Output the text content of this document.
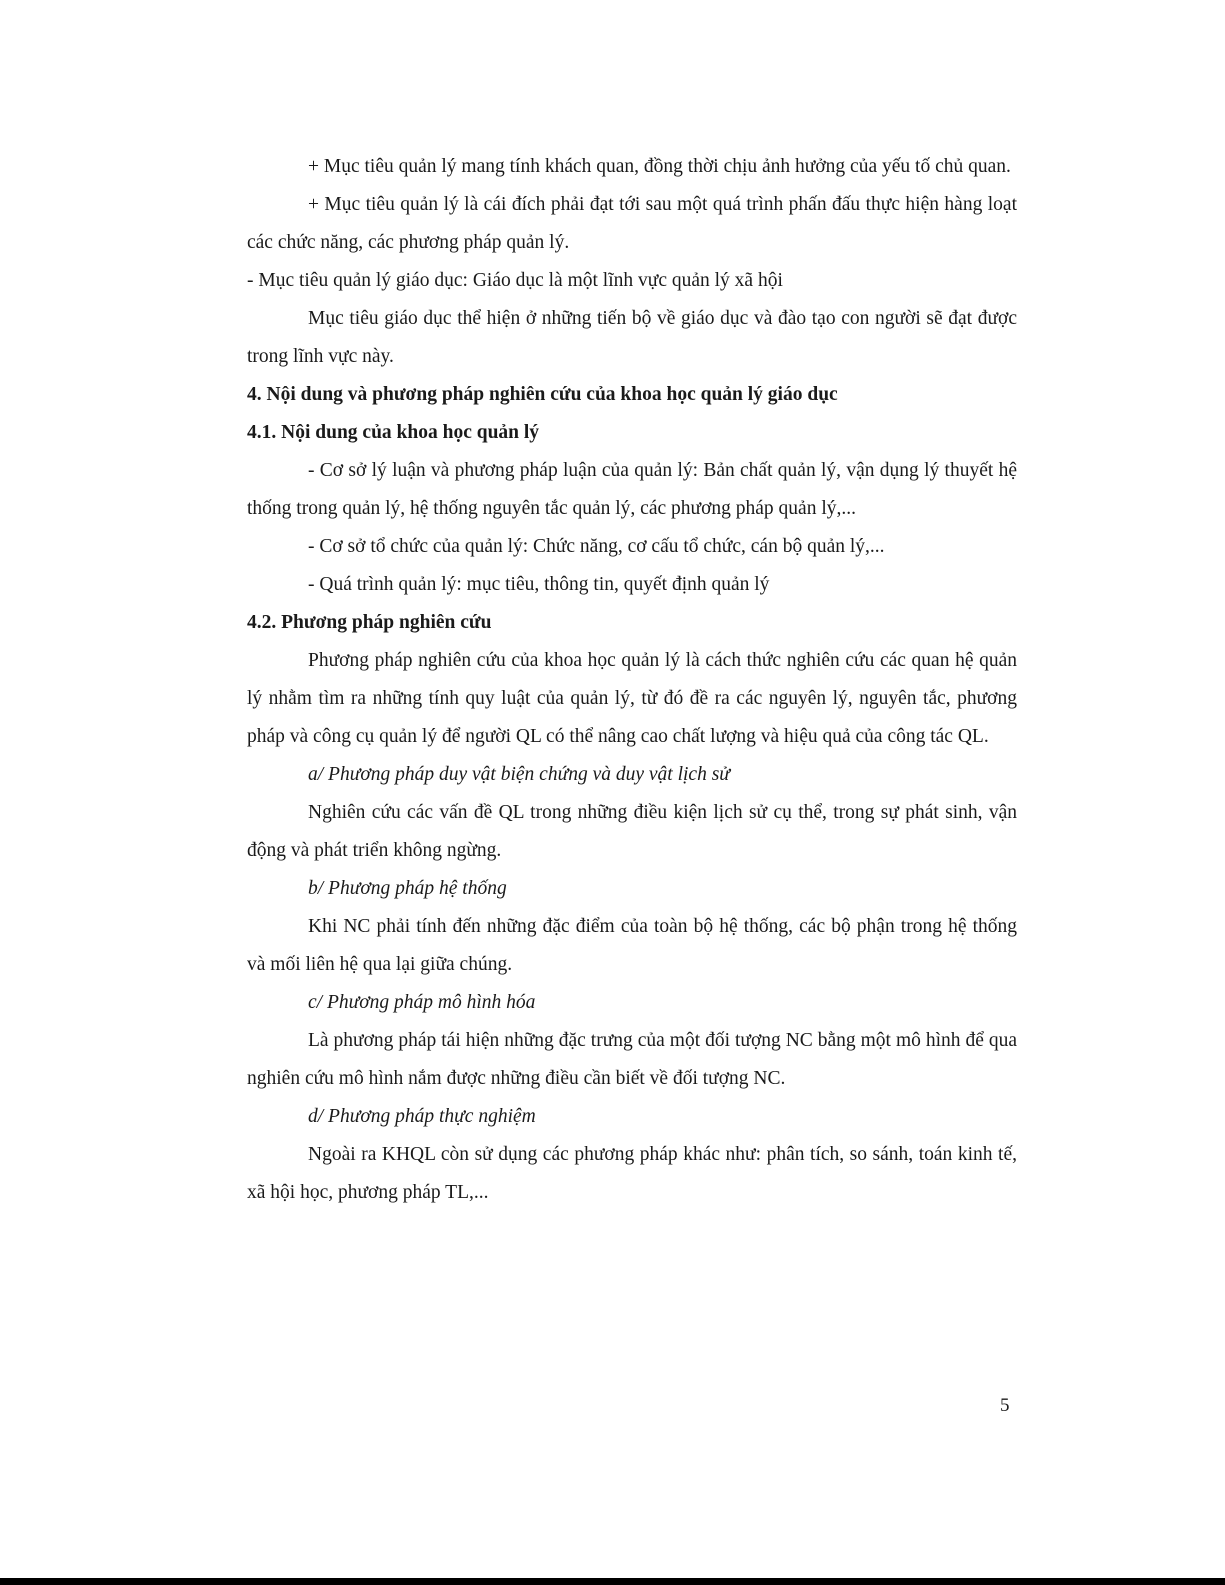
+ Mục tiêu quản lý mang tính khách quan, đồng thời chịu ảnh hưởng của yếu tố chủ quan.

+ Mục tiêu quản lý là cái đích phải đạt tới sau một quá trình phấn đấu thực hiện hàng loạt các chức năng, các phương pháp quản lý.

- Mục tiêu quản lý giáo dục: Giáo dục là một lĩnh vực quản lý xã hội

Mục tiêu giáo dục thể hiện ở những tiến bộ về giáo dục và đào tạo con người sẽ đạt được trong lĩnh vực này.

4. Nội dung và phương pháp nghiên cứu của khoa học quản lý giáo dục

4.1. Nội dung của khoa học quản lý

- Cơ sở lý luận và phương pháp luận của quản lý: Bản chất quản lý, vận dụng lý thuyết hệ thống trong quản lý, hệ thống nguyên tắc quản lý, các phương pháp quản lý,...

- Cơ sở tổ chức của quản lý: Chức năng, cơ cấu tổ chức, cán bộ quản lý,...

- Quá trình quản lý: mục tiêu, thông tin, quyết định quản lý

4.2. Phương pháp nghiên cứu

Phương pháp nghiên cứu của khoa học quản lý là cách thức nghiên cứu các quan hệ quản lý nhằm tìm ra những tính quy luật của quản lý, từ đó đề ra các nguyên lý, nguyên tắc, phương pháp và công cụ quản lý để người QL có thể nâng cao chất lượng và hiệu quả của công tác QL.

a/ Phương pháp duy vật biện chứng và duy vật lịch sử

Nghiên cứu các vấn đề QL trong những điều kiện lịch sử cụ thể, trong sự phát sinh, vận động và phát triển không ngừng.

b/ Phương pháp hệ thống

Khi NC phải tính đến những đặc điểm của toàn bộ hệ thống, các bộ phận trong hệ thống và mối liên hệ qua lại giữa chúng.

c/ Phương pháp mô hình hóa

Là phương pháp tái hiện những đặc trưng của một đối tượng NC bằng một mô hình để qua nghiên cứu mô hình nắm được những điều cần biết về đối tượng NC.

d/ Phương pháp thực nghiệm

Ngoài ra KHQL còn sử dụng các phương pháp khác như: phân tích, so sánh, toán kinh tế, xã hội học, phương pháp TL,...

5
